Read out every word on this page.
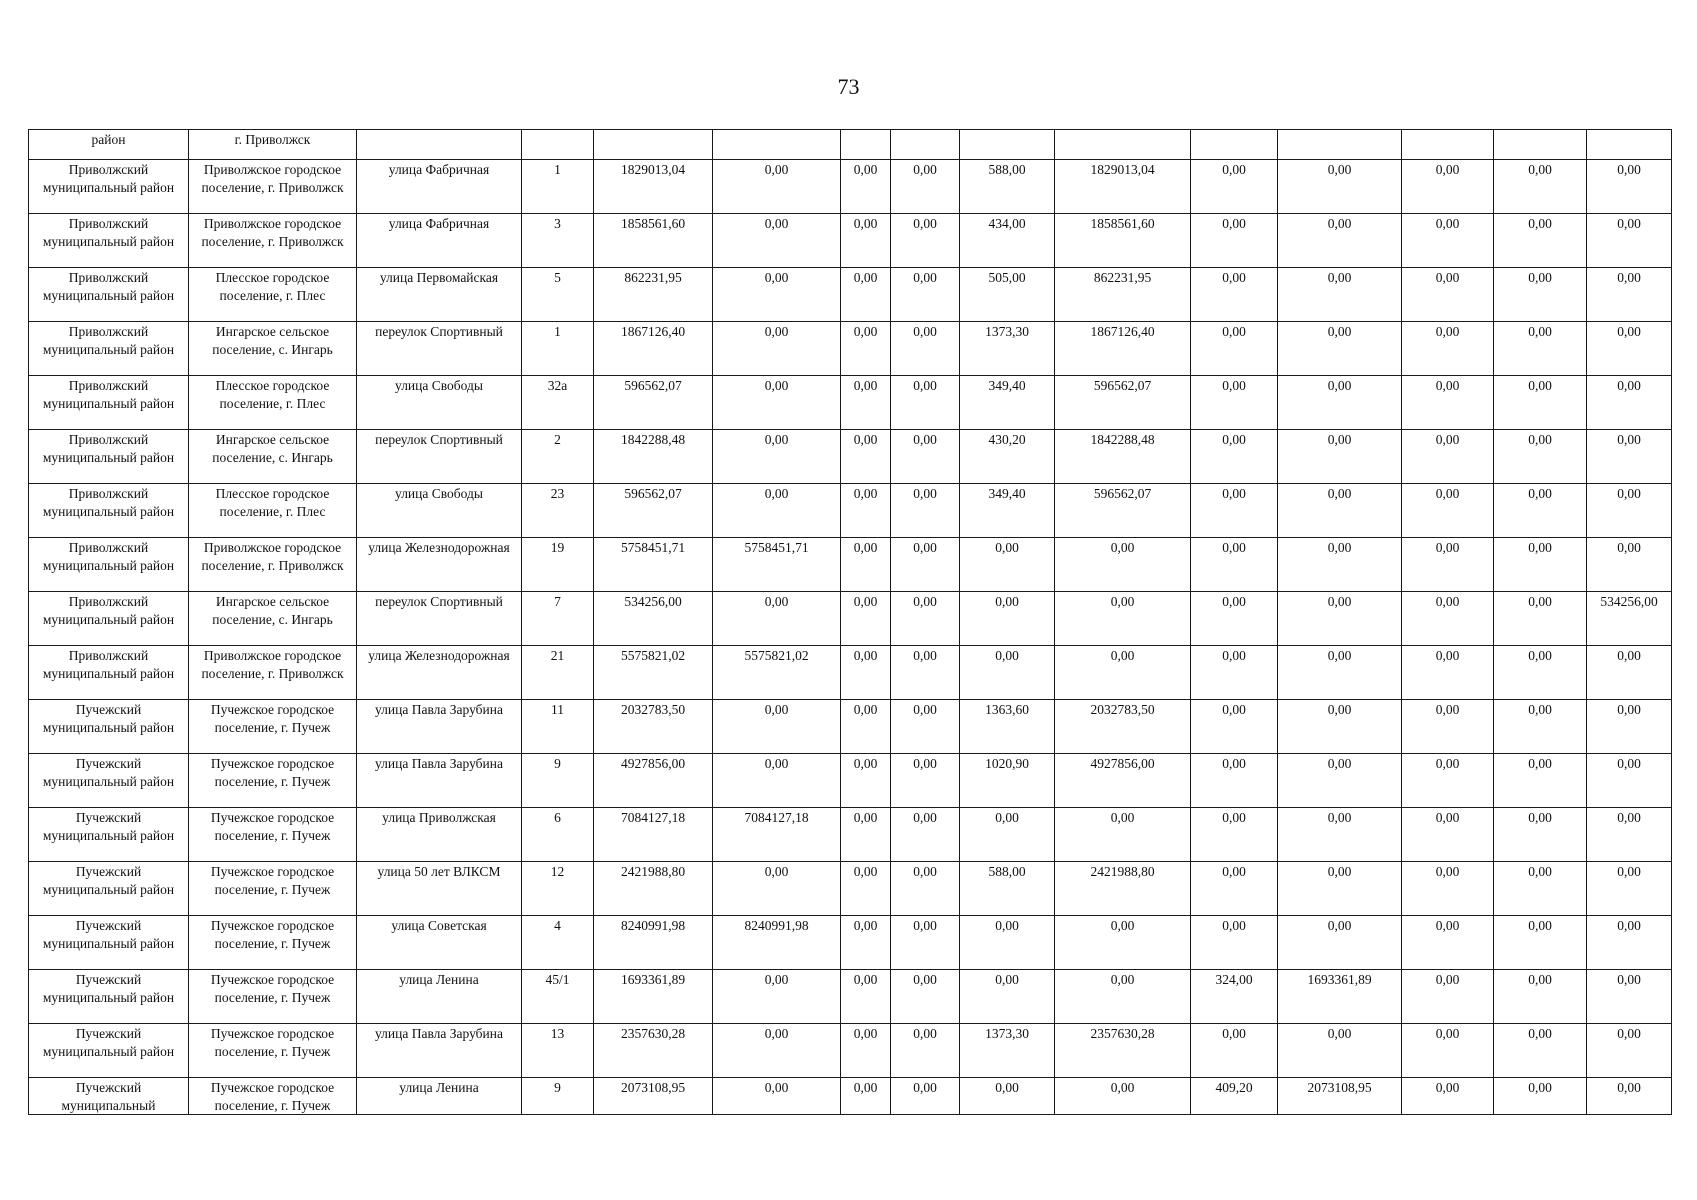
73
район	г. Приволжск													
Приволжский муниципальный район	Приволжское городское поселение, г. Приволжск	улица Фабричная	1	1829013,04	0,00	0,00	0,00	588,00	1829013,04	0,00	0,00	0,00	0,00	0,00
Приволжский муниципальный район	Приволжское городское поселение, г. Приволжск	улица Фабричная	3	1858561,60	0,00	0,00	0,00	434,00	1858561,60	0,00	0,00	0,00	0,00	0,00
Приволжский муниципальный район	Плесское городское поселение, г. Плес	улица Первомайская	5	862231,95	0,00	0,00	0,00	505,00	862231,95	0,00	0,00	0,00	0,00	0,00
Приволжский муниципальный район	Ингарское сельское поселение, с. Ингарь	переулок Спортивный	1	1867126,40	0,00	0,00	0,00	1373,30	1867126,40	0,00	0,00	0,00	0,00	0,00
Приволжский муниципальный район	Плесское городское поселение, г. Плес	улица Свободы	32а	596562,07	0,00	0,00	0,00	349,40	596562,07	0,00	0,00	0,00	0,00	0,00
Приволжский муниципальный район	Ингарское сельское поселение, с. Ингарь	переулок Спортивный	2	1842288,48	0,00	0,00	0,00	430,20	1842288,48	0,00	0,00	0,00	0,00	0,00
Приволжский муниципальный район	Плесское городское поселение, г. Плес	улица Свободы	23	596562,07	0,00	0,00	0,00	349,40	596562,07	0,00	0,00	0,00	0,00	0,00
Приволжский муниципальный район	Приволжское городское поселение, г. Приволжск	улица Железнодорожная	19	5758451,71	5758451,71	0,00	0,00	0,00	0,00	0,00	0,00	0,00	0,00	0,00
Приволжский муниципальный район	Ингарское сельское поселение, с. Ингарь	переулок Спортивный	7	534256,00	0,00	0,00	0,00	0,00	0,00	0,00	0,00	0,00	0,00	534256,00
Приволжский муниципальный район	Приволжское городское поселение, г. Приволжск	улица Железнодорожная	21	5575821,02	5575821,02	0,00	0,00	0,00	0,00	0,00	0,00	0,00	0,00	0,00
Пучежский муниципальный район	Пучежское городское поселение, г. Пучеж	улица Павла Зарубина	11	2032783,50	0,00	0,00	0,00	1363,60	2032783,50	0,00	0,00	0,00	0,00	0,00
Пучежский муниципальный район	Пучежское городское поселение, г. Пучеж	улица Павла Зарубина	9	4927856,00	0,00	0,00	0,00	1020,90	4927856,00	0,00	0,00	0,00	0,00	0,00
Пучежский муниципальный район	Пучежское городское поселение, г. Пучеж	улица Приволжская	6	7084127,18	7084127,18	0,00	0,00	0,00	0,00	0,00	0,00	0,00	0,00	0,00
Пучежский муниципальный район	Пучежское городское поселение, г. Пучеж	улица 50 лет ВЛКСМ	12	2421988,80	0,00	0,00	0,00	588,00	2421988,80	0,00	0,00	0,00	0,00	0,00
Пучежский муниципальный район	Пучежское городское поселение, г. Пучеж	улица Советская	4	8240991,98	8240991,98	0,00	0,00	0,00	0,00	0,00	0,00	0,00	0,00	0,00
Пучежский муниципальный район	Пучежское городское поселение, г. Пучеж	улица Ленина	45/1	1693361,89	0,00	0,00	0,00	0,00	0,00	324,00	1693361,89	0,00	0,00	0,00
Пучежский муниципальный район	Пучежское городское поселение, г. Пучеж	улица Павла Зарубина	13	2357630,28	0,00	0,00	0,00	1373,30	2357630,28	0,00	0,00	0,00	0,00	0,00
Пучежский муниципальный	Пучежское городское поселение, г. Пучеж	улица Ленина	9	2073108,95	0,00	0,00	0,00	0,00	0,00	409,20	2073108,95	0,00	0,00	0,00
